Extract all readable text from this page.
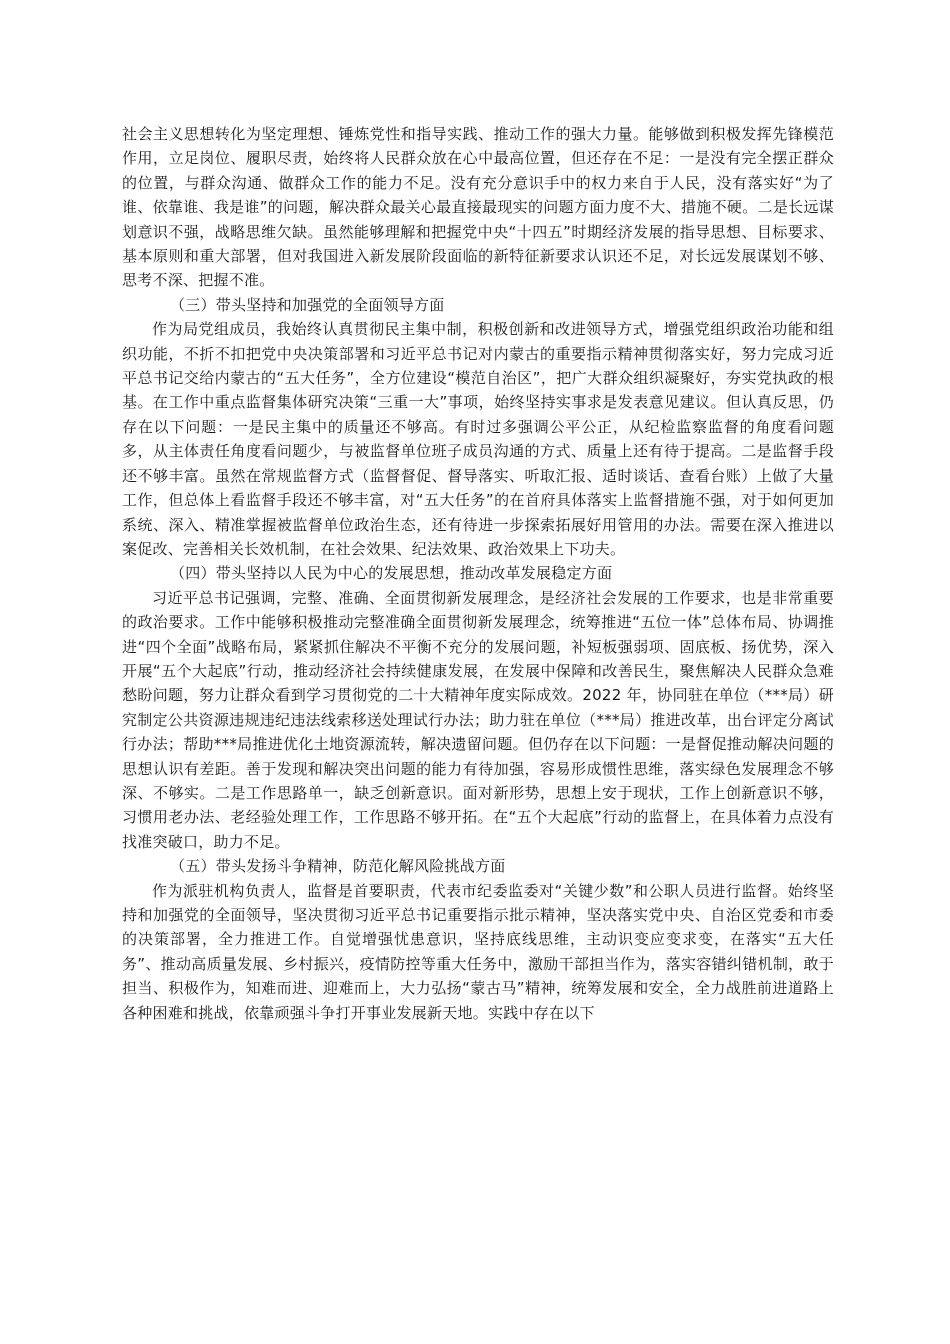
社会主义思想转化为坚定理想、锤炼党性和指导实践、推动工作的强大力量。能够做到积极发挥先锋模范作用，立足岗位、履职尽责，始终将人民群众放在心中最高位置，但还存在不足：一是没有完全摆正群众的位置，与群众沟通、做群众工作的能力不足。没有充分意识手中的权力来自于人民，没有落实好“为了谁、依靠谁、我是谁”的问题，解决群众最关心最直接最现实的问题方面力度不大、措施不硬。二是长远谋划意识不强，战略思维欠缺。虽然能够理解和把握党中央“十四五”时期经济发展的指导思想、目标要求、基本原则和重大部署，但对我国进入新发展阶段面临的新特征新要求认识还不足，对长远发展谋划不够、思考不深、把握不准。

（三）带头坚持和加强党的全面领导方面

作为局党组成员，我始终认真贯彻民主集中制，积极创新和改进领导方式，增强党组织政治功能和组织功能，不折不扣把党中央决策部署和习近平总书记对内蒙古的重要指示精神贯彻落实好，努力完成习近平总书记交给内蒙古的“五大任务”，全方位建设“模范自治区”，把广大群众组织凝聚好，夯实党执政的根基。在工作中重点监督集体研究决策“三重一大”事项，始终坚持实事求是发表意见建议。但认真反思，仍存在以下问题：一是民主集中的质量还不够高。有时过多强调公平公正，从纪检监察监督的角度看问题多，从主体责任角度看问题少，与被监督单位班子成员沟通的方式、质量上还有待于提高。二是监督手段还不够丰富。虽然在常规监督方式（监督督促、督导落实、听取汇报、适时谈话、查看台账）上做了大量工作，但总体上看监督手段还不够丰富，对“五大任务”的在首府具体落实上监督措施不强，对于如何更加系统、深入、精准掌握被监督单位政治生态，还有待进一步探索拓展好用管用的办法。需要在深入推进以案促改、完善相关长效机制，在社会效果、纪法效果、政治效果上下功夫。

（四）带头坚持以人民为中心的发展思想，推动改革发展稳定方面

习近平总书记强调，完整、准确、全面贯彻新发展理念，是经济社会发展的工作要求，也是非常重要的政治要求。工作中能够积极推动完整准确全面贯彻新发展理念，统筹推进“五位一体”总体布局、协调推进“四个全面”战略布局，紧紧抓住解决不平衡不充分的发展问题，补短板强弱项、固底板、扬优势，深入开展“五个大起底”行动，推动经济社会持续健康发展，在发展中保障和改善民生，聚焦解决人民群众急难愁盼问题，努力让群众看到学习贯彻党的二十大精神年度实际成效。2022 年，协同驻在单位（***局）研究制定公共资源违规违纪违法线索移送处理试行办法；助力驻在单位（***局）推进改革，出台评定分离试行办法；帮助***局推进优化土地资源流转，解决遗留问题。但仍存在以下问题：一是督促推动解决问题的思想认识有差距。善于发现和解决突出问题的能力有待加强，容易形成惯性思维，落实绿色发展理念不够深、不够实。二是工作思路单一，缺乏创新意识。面对新形势，思想上安于现状，工作上创新意识不够，习惯用老办法、老经验处理工作，工作思路不够开拓。在“五个大起底”行动的监督上，在具体着力点没有找准突破口，助力不足。

（五）带头发扬斗争精神，防范化解风险挑战方面

作为派驻机构负责人，监督是首要职责，代表市纪委监委对“关键少数”和公职人员进行监督。始终坚持和加强党的全面领导，坚决贯彻习近平总书记重要指示批示精神，坚决落实党中央、自治区党委和市委的决策部署，全力推进工作。自觉增强忧患意识，坚持底线思维，主动识变应变求变，在落实“五大任务”、推动高质量发展、乡村振兴，疫情防控等重大任务中，激励干部担当作为，落实容错纠错机制，敢于担当、积极作为，知难而进、迎难而上，大力弘扬“蒙古马”精神，统筹发展和安全，全力战胜前进道路上各种困难和挑战，依靠顽强斗争打开事业发展新天地。实践中存在以下
